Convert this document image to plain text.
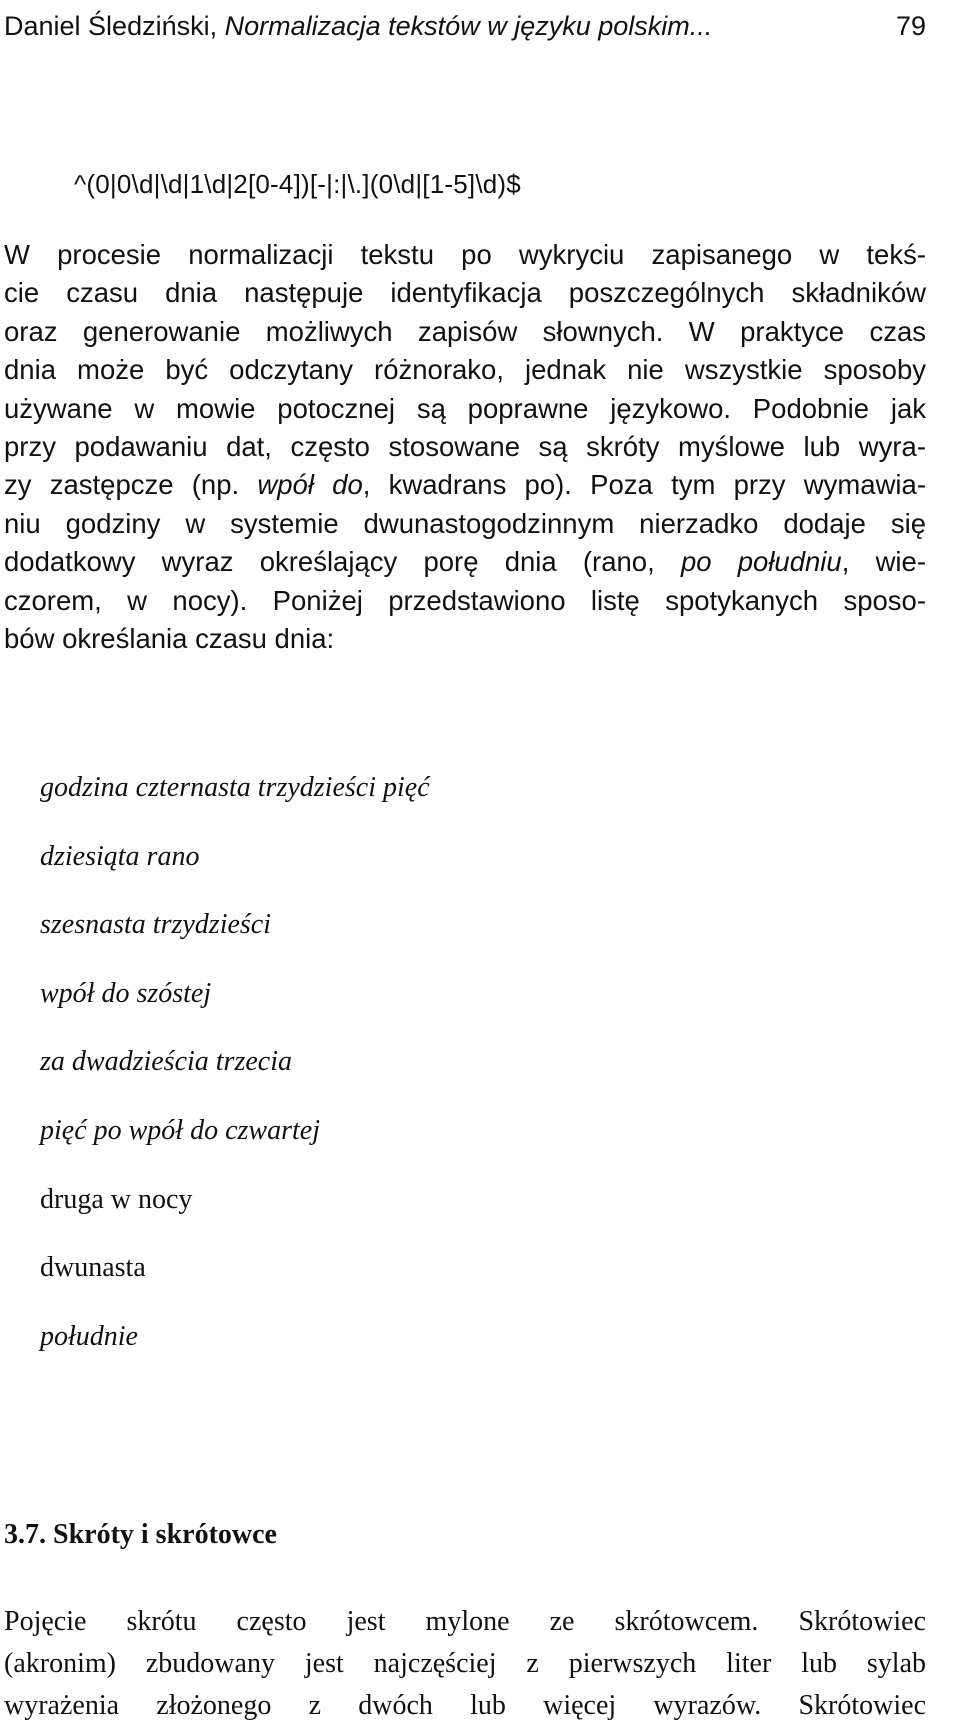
Daniel Śledziński, Normalizacja tekstów w języku polskim...	79
^(0|0\d|\d|1\d|2[0-4])[-|:|\.](0\d|[1-5]\d)$
W procesie normalizacji tekstu po wykryciu zapisanego w tekś-
cie czasu dnia następuje identyfikacja poszczególnych składników
oraz generowanie możliwych zapisów słownych. W praktyce czas
dnia może być odczytany różnorako, jednak nie wszystkie sposoby
używane w mowie potocznej są poprawne językowo. Podobnie jak
przy podawaniu dat, często stosowane są skróty myślowe lub wyra-
zy zastępcze (np. wpół do, kwadrans po). Poza tym przy wymawia-
niu godziny w systemie dwunastogodzinnym nierzadko dodaje się
dodatkowy wyraz określający porę dnia (rano, po południu, wie-
czorem, w nocy). Poniżej przedstawiono listę spotykanych sposo-
bów określania czasu dnia:
godzina czternasta trzydzieści pięć
dziesiąta rano
szesnasta trzydzieści
wpół do szóstej
za dwadzieścia trzecia
pięć po wpół do czwartej
druga w nocy
dwunasta
południe
3.7. Skróty i skrótowce
Pojęcie skrótu często jest mylone ze skrótowcem. Skrótowiec
(akronim) zbudowany jest najczęściej z pierwszych liter lub sylab
wyrażenia złożonego z dwóch lub więcej wyrazów. Skrótowiec
